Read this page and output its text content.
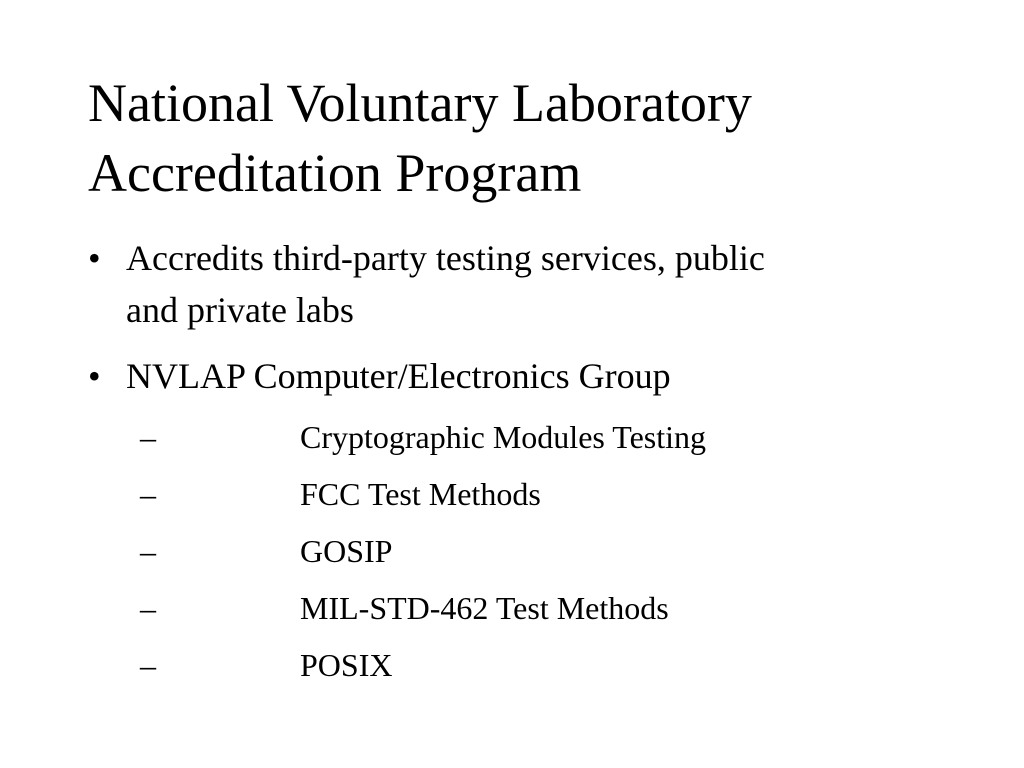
National Voluntary Laboratory
Accreditation Program
• Accredits third-party testing services, public
and private labs
• NVLAP Computer/Electronics Group
–	Cryptographic Modules Testing
–	FCC Test Methods
–	GOSIP
–	MIL-STD-462 Test Methods
–	POSIX
